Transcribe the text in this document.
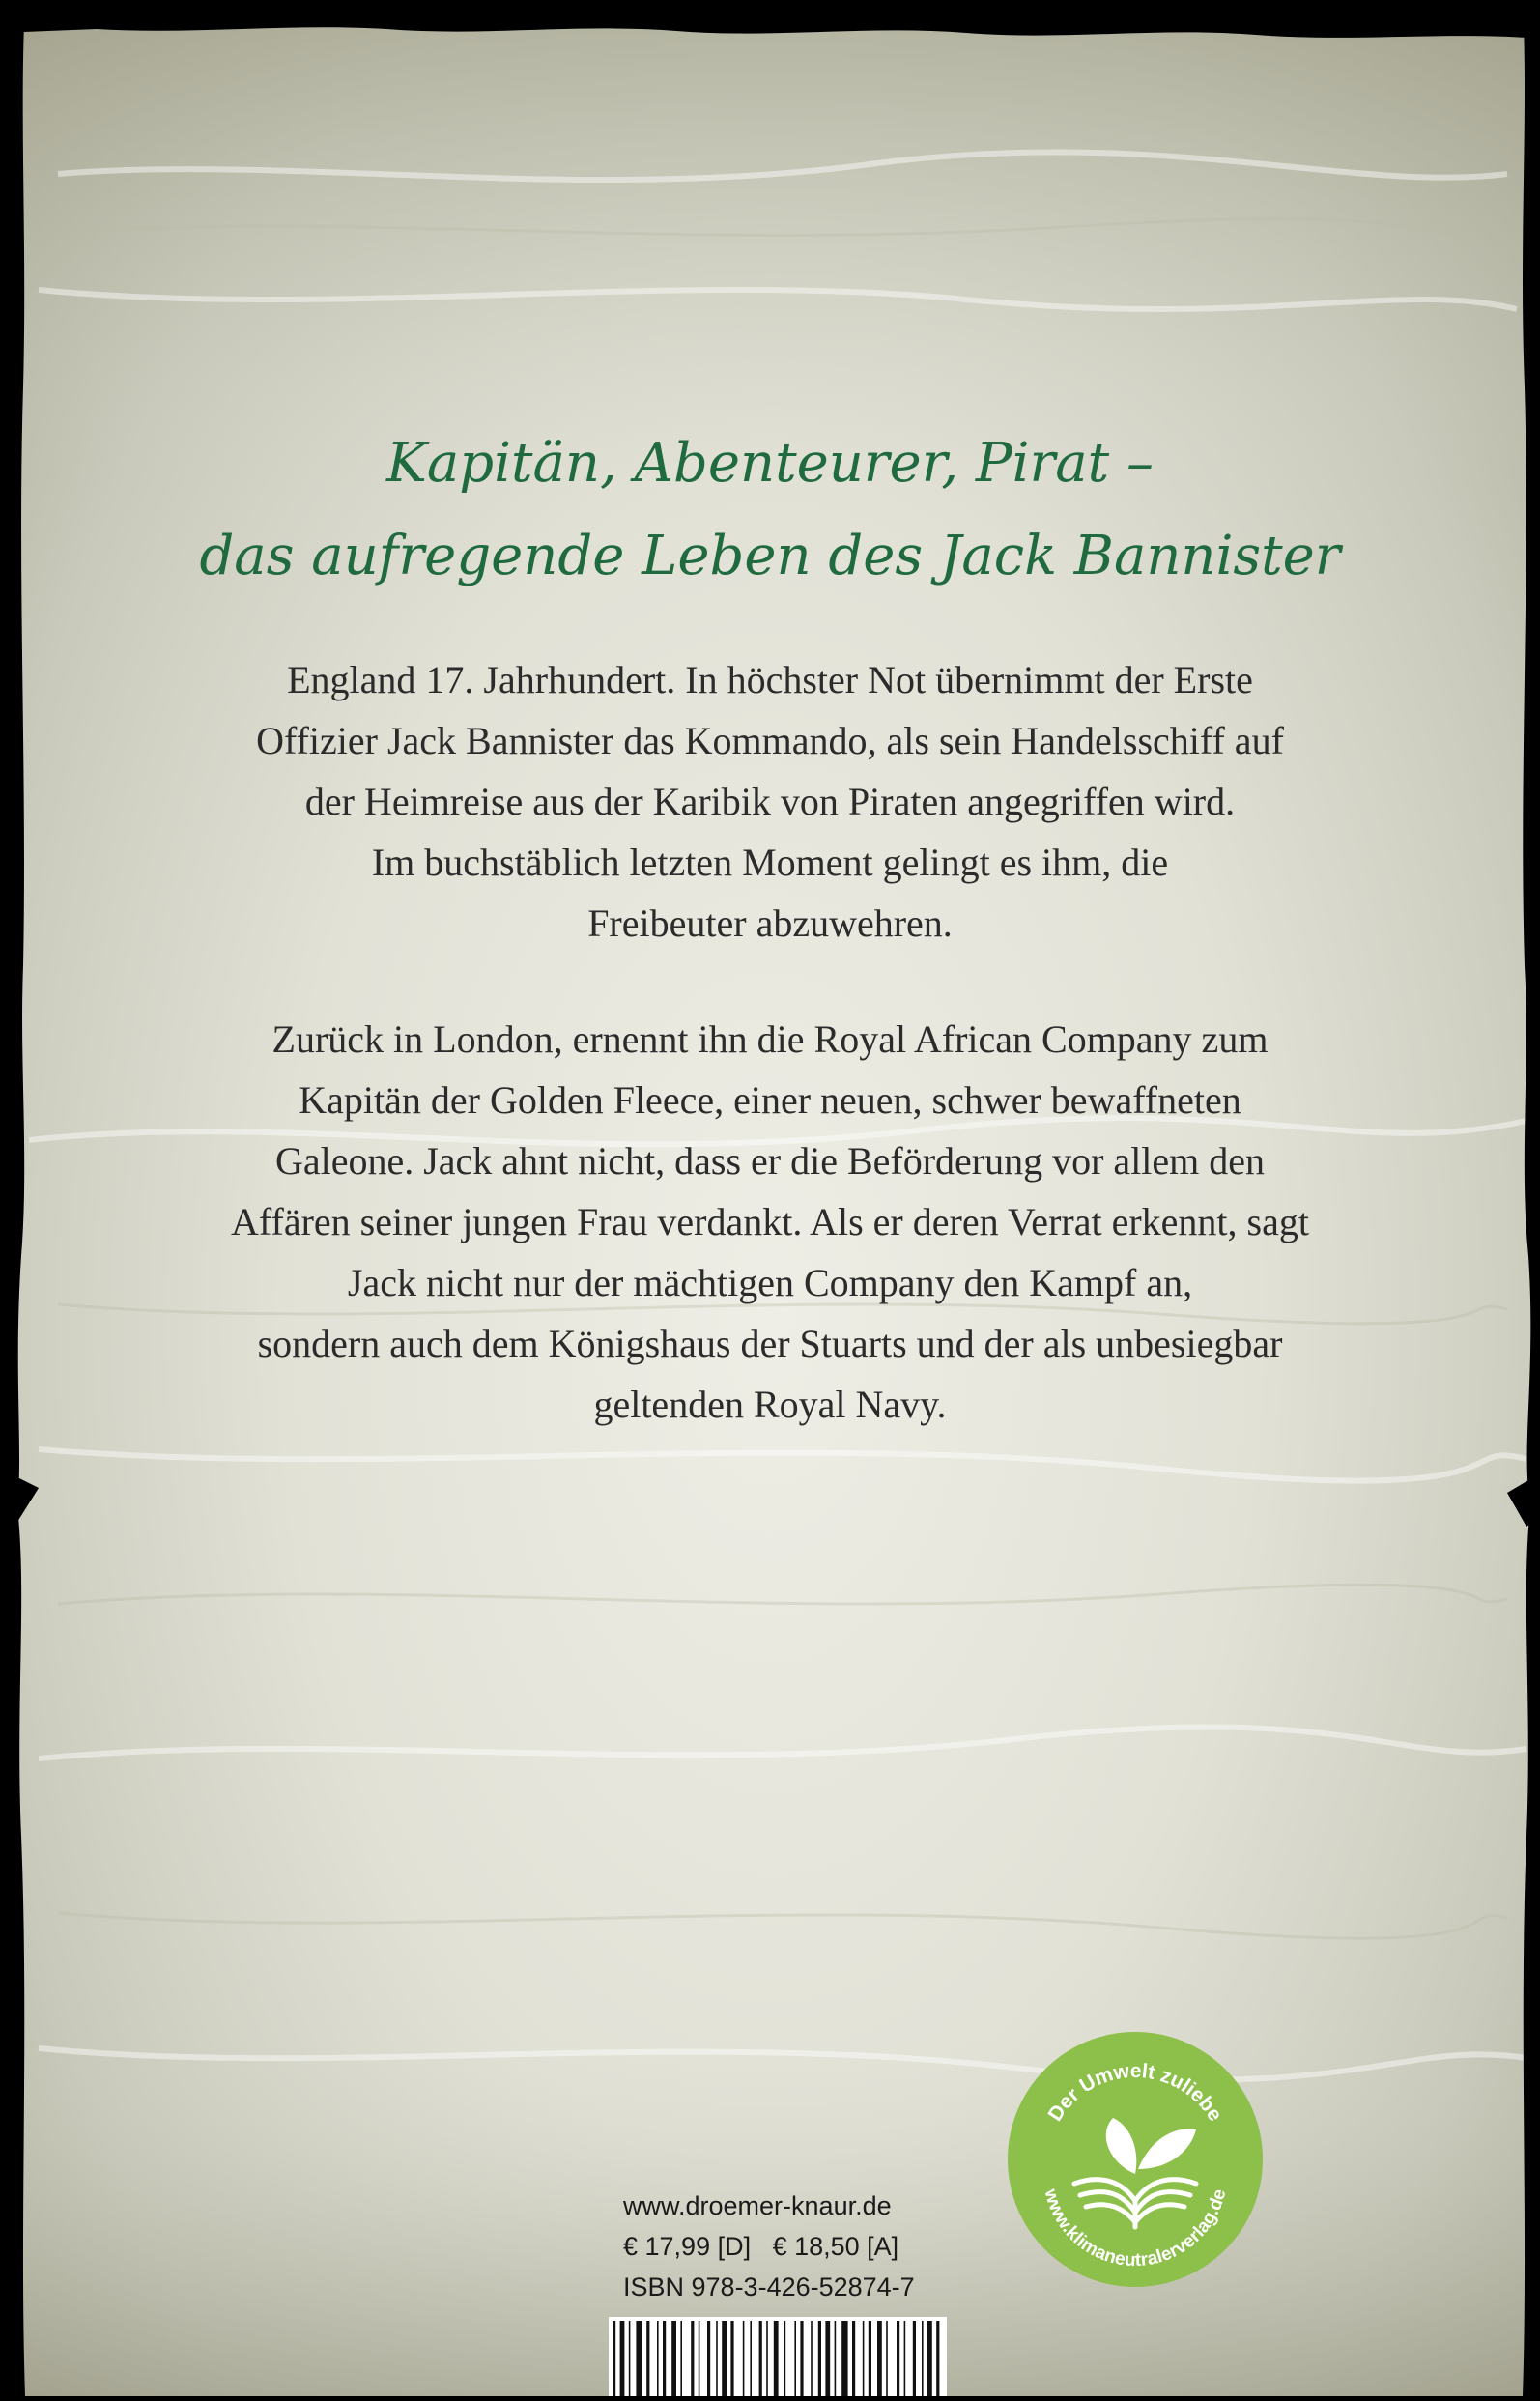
Kapitän, Abenteurer, Pirat –
das aufregende Leben des Jack Bannister
England 17. Jahrhundert. In höchster Not übernimmt der Erste
Offizier Jack Bannister das Kommando, als sein Handelsschiff auf
der Heimreise aus der Karibik von Piraten angegriffen wird.
Im buchstäblich letzten Moment gelingt es ihm, die
Freibeuter abzuwehren.
Zurück in London, ernennt ihn die Royal African Company zum
Kapitän der Golden Fleece, einer neuen, schwer bewaffneten
Galeone. Jack ahnt nicht, dass er die Beförderung vor allem den
Affären seiner jungen Frau verdankt. Als er deren Verrat erkennt, sagt
Jack nicht nur der mächtigen Company den Kampf an,
sondern auch dem Königshaus der Stuarts und der als unbesiegbar
geltenden Royal Navy.
www.droemer-knaur.de
€ 17,99 [D]   € 18,50 [A]
ISBN 978-3-426-52874-7
Der Umwelt zuliebe
www.klimaneutralerverlag.de
